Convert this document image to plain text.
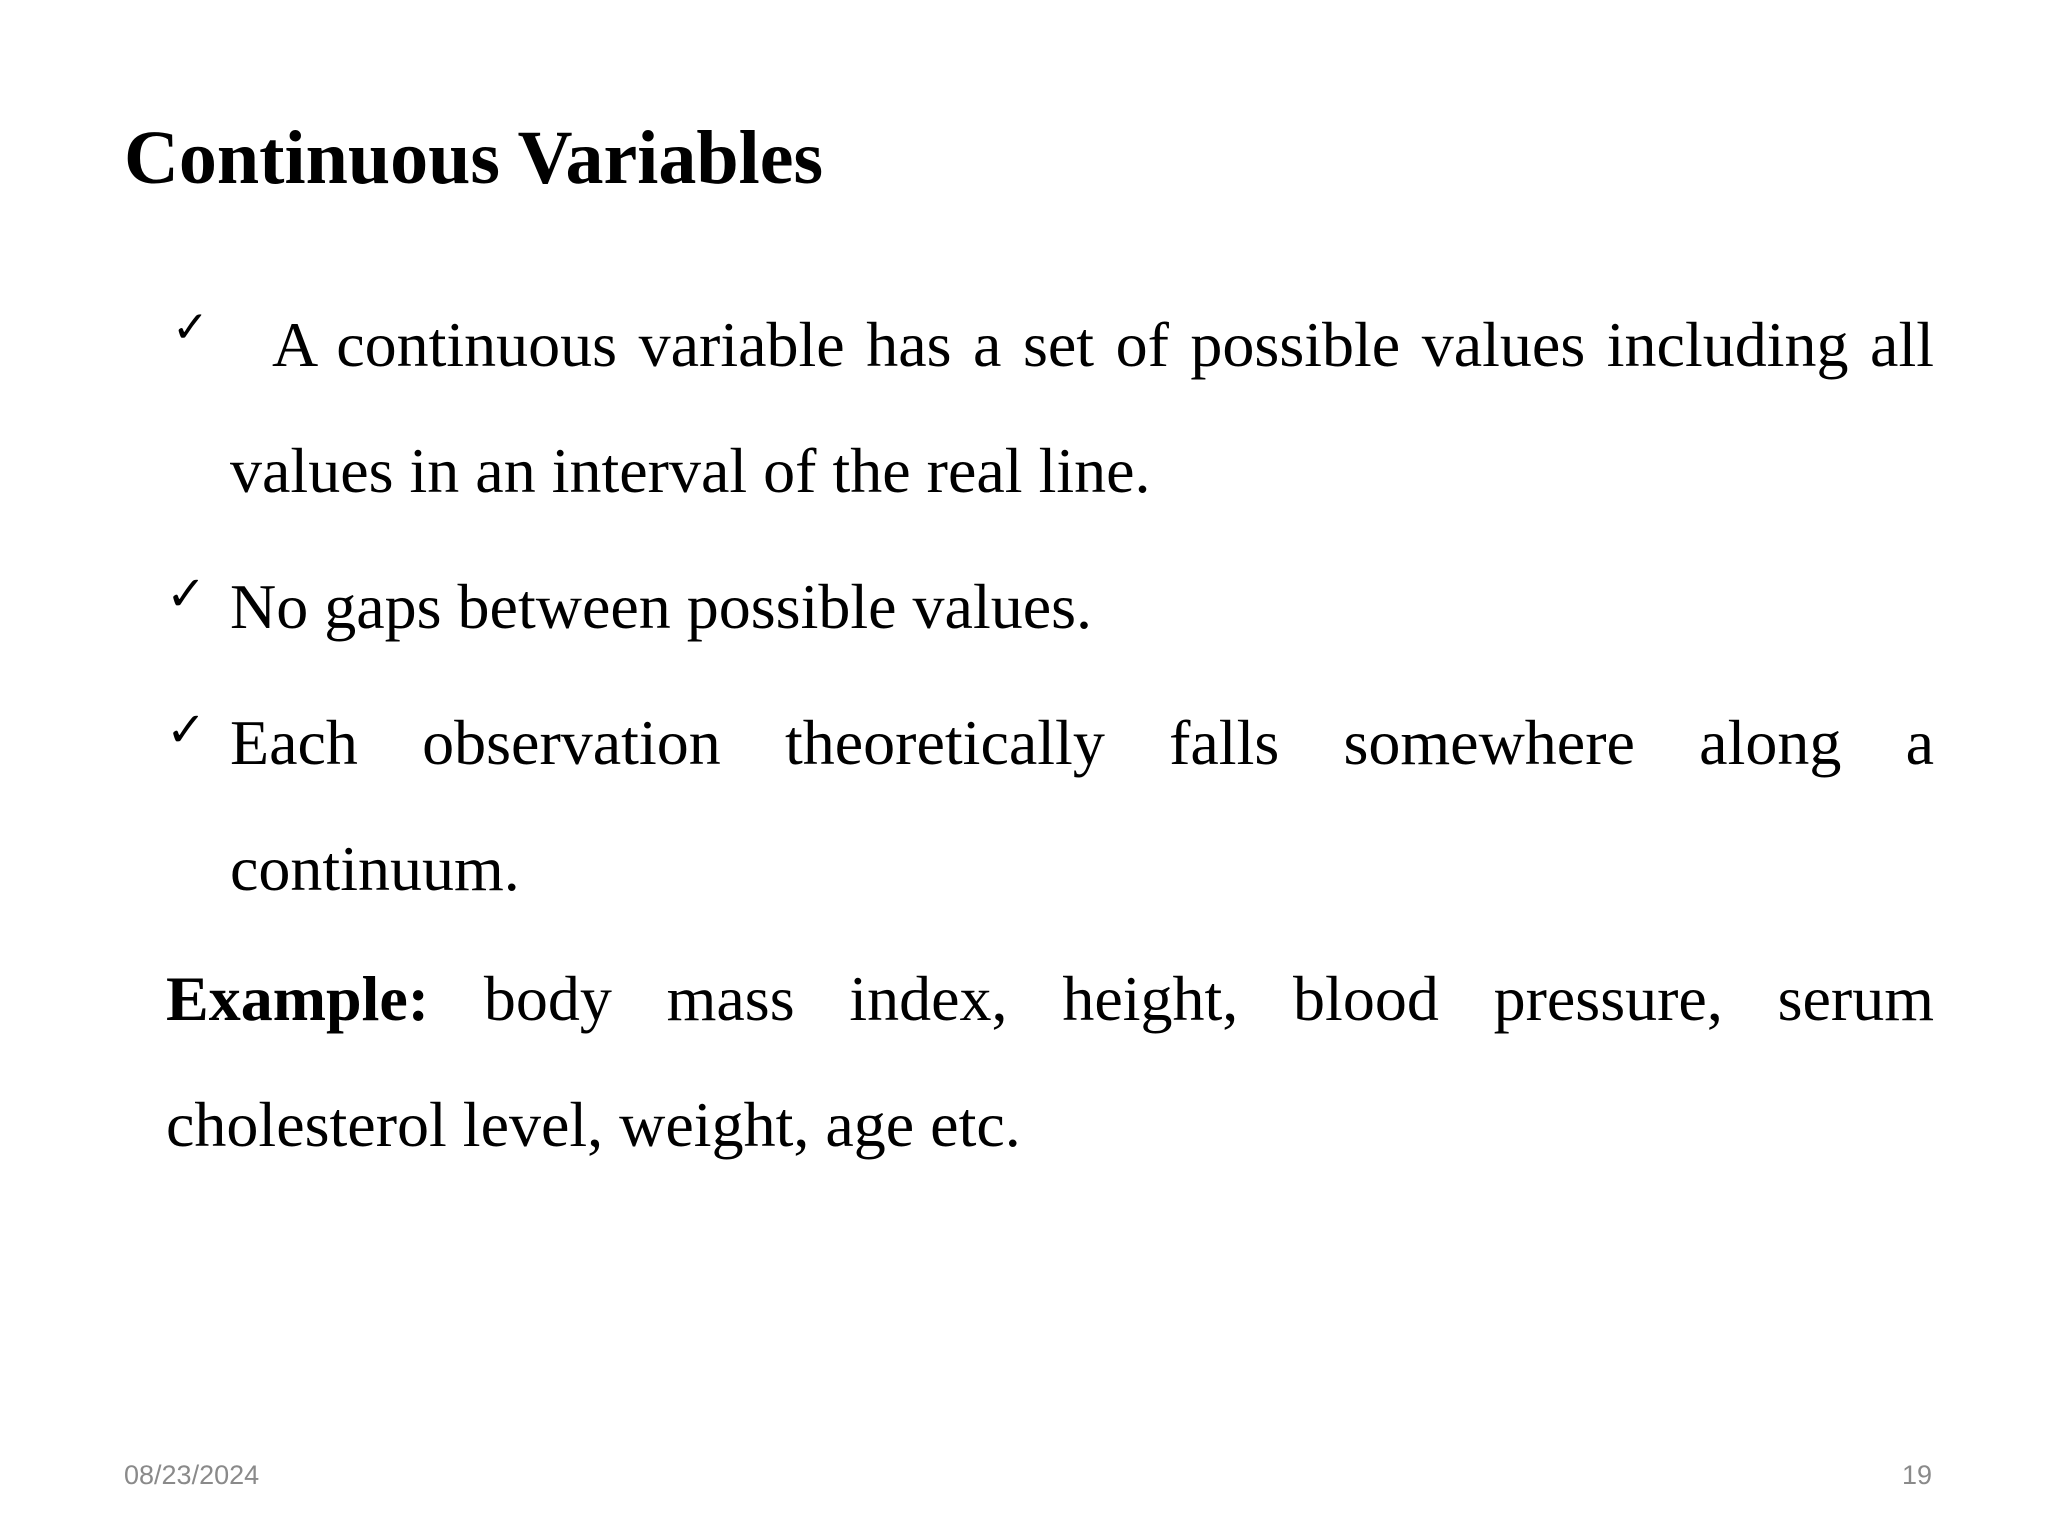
Continuous Variables
✓ A continuous variable has a set of possible values including all values in an interval of the real line.
✓ No gaps between possible values.
✓ Each observation theoretically falls somewhere along a continuum.
Example: body mass index, height, blood pressure, serum cholesterol level, weight, age etc.
08/23/2024	19
